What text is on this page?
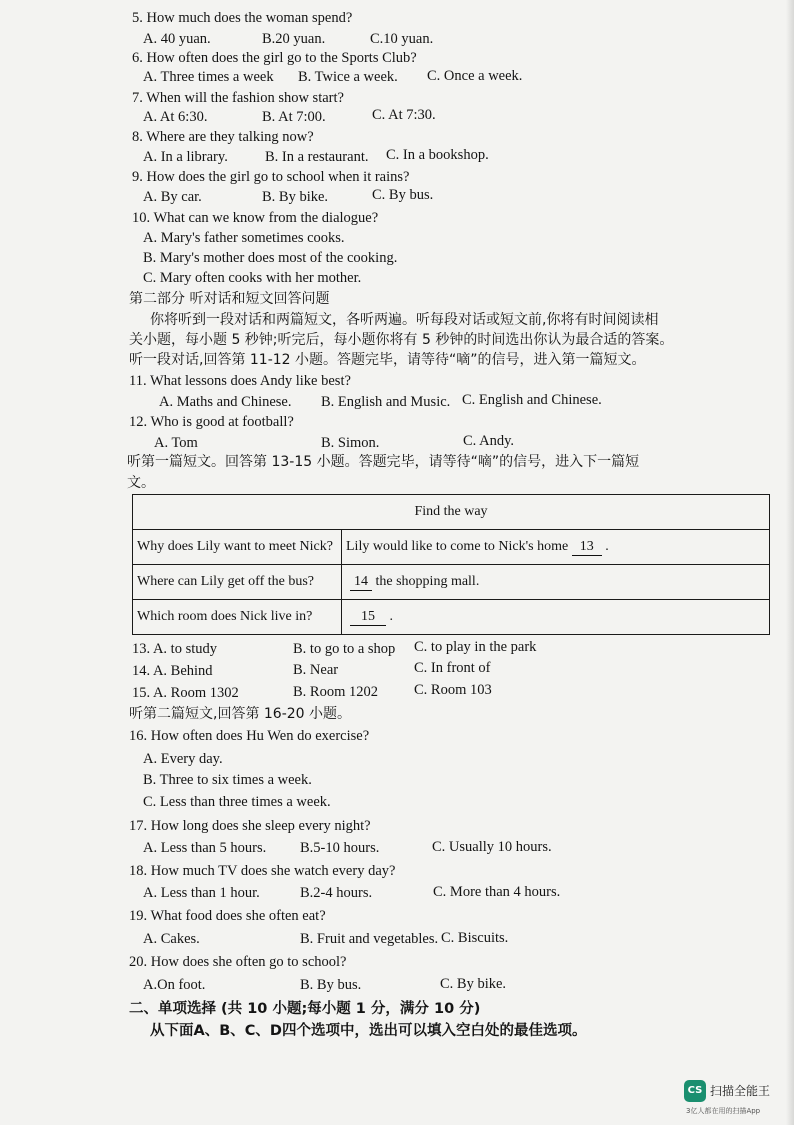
5. How much does the woman spend?
A. 40 yuan.	B.20 yuan.	C.10 yuan.
6. How often does the girl go to the Sports Club?
A. Three times a week B. Twice a week. C. Once a week.
7. When will the fashion show start?
A. At 6:30.	B. At 7:00.	C. At 7:30.
8. Where are they talking now?
A. In a library.	B. In a restaurant. C. In a bookshop.
9. How does the girl go to school when it rains?
A. By car.	B. By bike.	C. By bus.
10. What can we know from the dialogue?
A. Mary's father sometimes cooks.
B. Mary's mother does most of the cooking.
C. Mary often cooks with her mother.
第二部分 听对话和短文回答问题
你将听到一段对话和两篇短文，各听两遍。听每段对话或短文前,你将有时间阅读相
关小题，每小题 5 秒钟;听完后，每小题你将有 5 秒钟的时间选出你认为最合适的答案。
听一段对话,回答第 11-12 小题。答题完毕，请等待“嘀”的信号，进入第一篇短文。
11. What lessons does Andy like best?
A. Maths and Chinese. B. English and Music. C. English and Chinese.
12. Who is good at football?
A. Tom	B. Simon.	C. Andy.
听第一篇短文。回答第 13-15 小题。答题完毕，请等待“嘀”的信号，进入下一篇短
文。
Find the way	
Why does Lily want to meet Nick?	Lily would like to come to Nick's home 13 .
Where can Lily get off the bus?	14 the shopping mall.
Which room does Nick live in?	15 .
13. A. to study	B. to go to a shop C. to play in the park
14. A. Behind	B. Near	C. In front of
15. A. Room 1302	B. Room 1202 C. Room 103
听第二篇短文,回答第 16-20 小题。
16. How often does Hu Wen do exercise?
A. Every day.
B. Three to six times a week.
C. Less than three times a week.
17. How long does she sleep every night?
A. Less than 5 hours. B.5-10 hours.	C. Usually 10 hours.
18. How much TV does she watch every day?
A. Less than 1 hour.	B.2-4 hours.	C. More than 4 hours.
19. What food does she often eat?
A. Cakes.	B. Fruit and vegetables. C. Biscuits.
20. How does she often go to school?
A.On foot.	B. By bus.	C. By bike.
二、单项选择 (共 10 小题;每小题 1 分，满分 10 分)
从下面A、B、C、D四个选项中，选出可以填入空白处的最佳选项。
CS 扫描全能王
3亿人都在用的扫描App
